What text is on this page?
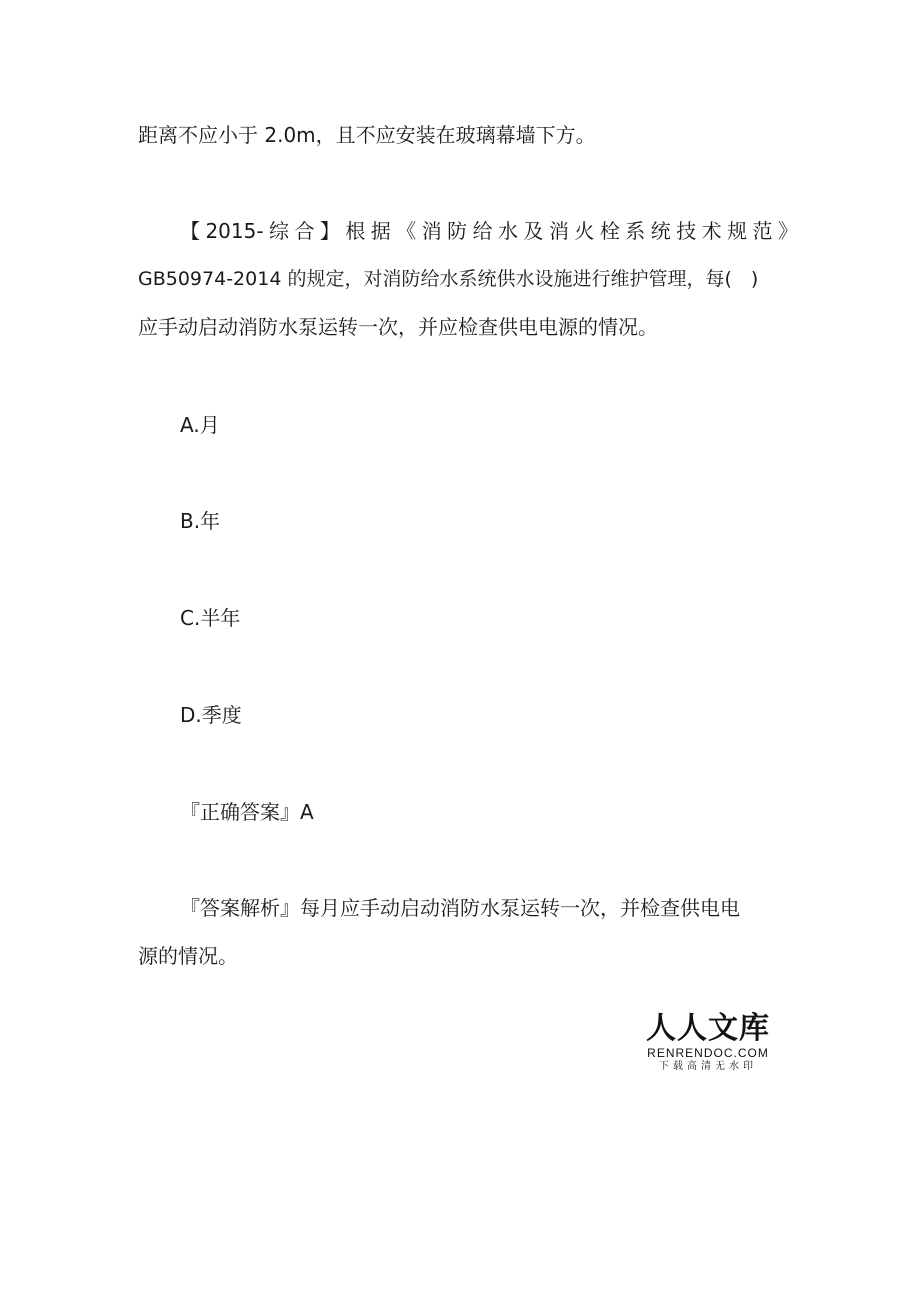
距离不应小于 2.0m，且不应安装在玻璃幕墙下方。
【2015-综合】根据《消防给水及消火栓系统技术规范》
GB50974-2014 的规定，对消防给水系统供水设施进行维护管理，每(　)
应手动启动消防水泵运转一次，并应检查供电电源的情况。
A.月
B.年
C.半年
D.季度
『正确答案』A
『答案解析』每月应手动启动消防水泵运转一次，并检查供电电
源的情况。
人人文库
RENRENDOC.COM
下载高清无水印
